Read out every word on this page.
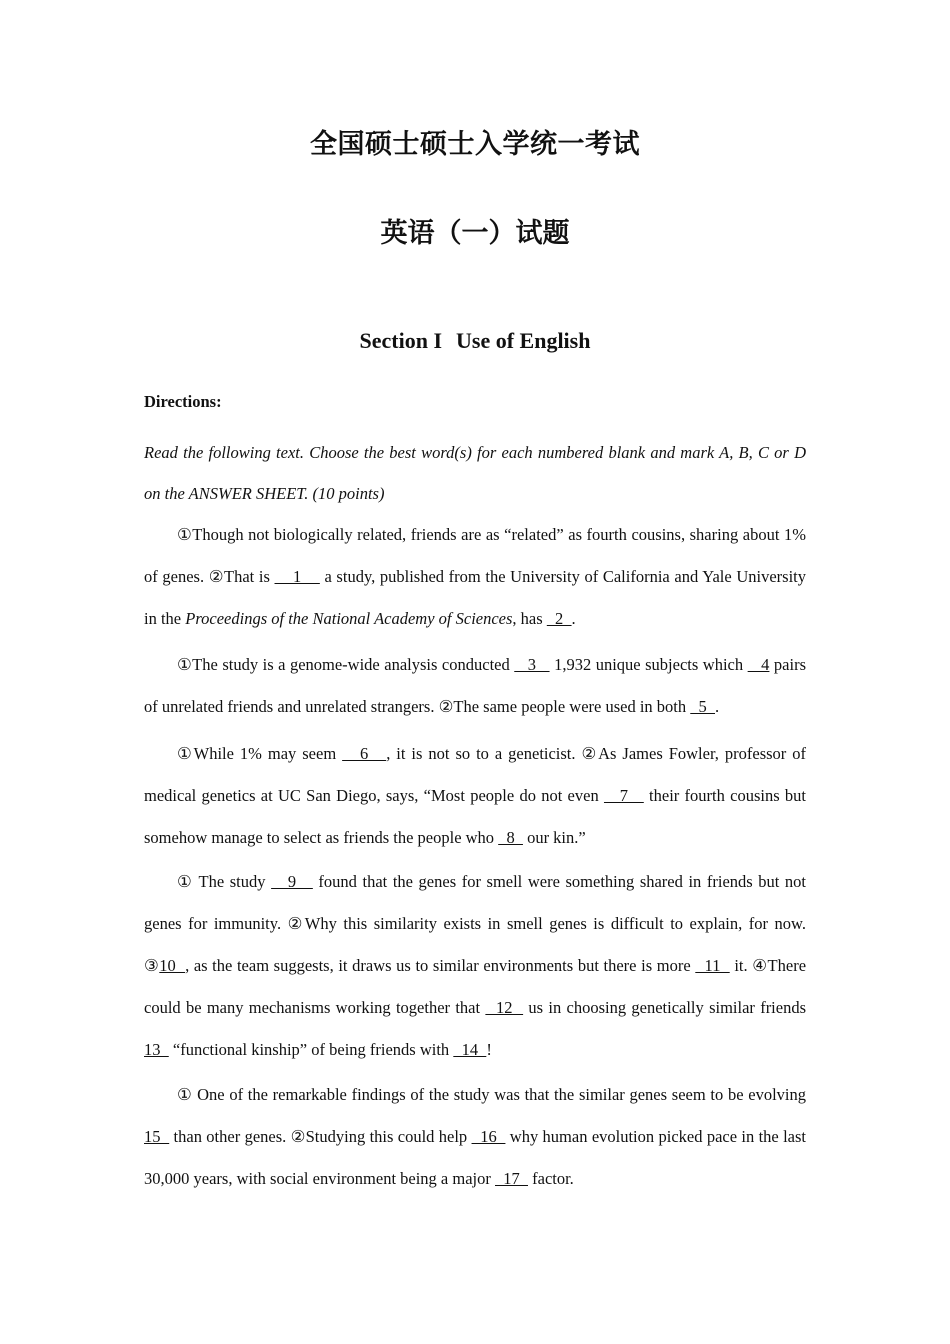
全国硕士硕士入学统一考试
英语（一）试题
Section I Use of English
Directions:
Read the following text. Choose the best word(s) for each numbered blank and mark A, B, C or D on the ANSWER SHEET. (10 points)
①Though not biologically related, friends are as “related” as fourth cousins, sharing about 1% of genes. ②That is     1     a study, published from the University of California and Yale University in the Proceedings of the National Academy of Sciences, has   2  .
①The study is a genome-wide analysis conducted    3    1,932 unique subjects which    4 pairs of unrelated friends and unrelated strangers. ②The same people were used in both   5  .
①While 1% may seem    6   , it is not so to a geneticist. ②As James Fowler, professor of medical genetics at UC San Diego, says, “Most people do not even    7    their fourth cousins but somehow manage to select as friends the people who   8   our kin.”
① The study    9    found that the genes for smell were something shared in friends but not genes for immunity. ②Why this similarity exists in smell genes is difficult to explain, for now. ③10  , as the team suggests, it draws us to similar environments but there is more   11   it. ④There could be many mechanisms working together that   12   us in choosing genetically similar friends 13   “functional kinship” of being friends with   14  !
① One of the remarkable findings of the study was that the similar genes seem to be evolving 15   than other genes. ②Studying this could help   16   why human evolution picked pace in the last 30,000 years, with social environment being a major   17   factor.
